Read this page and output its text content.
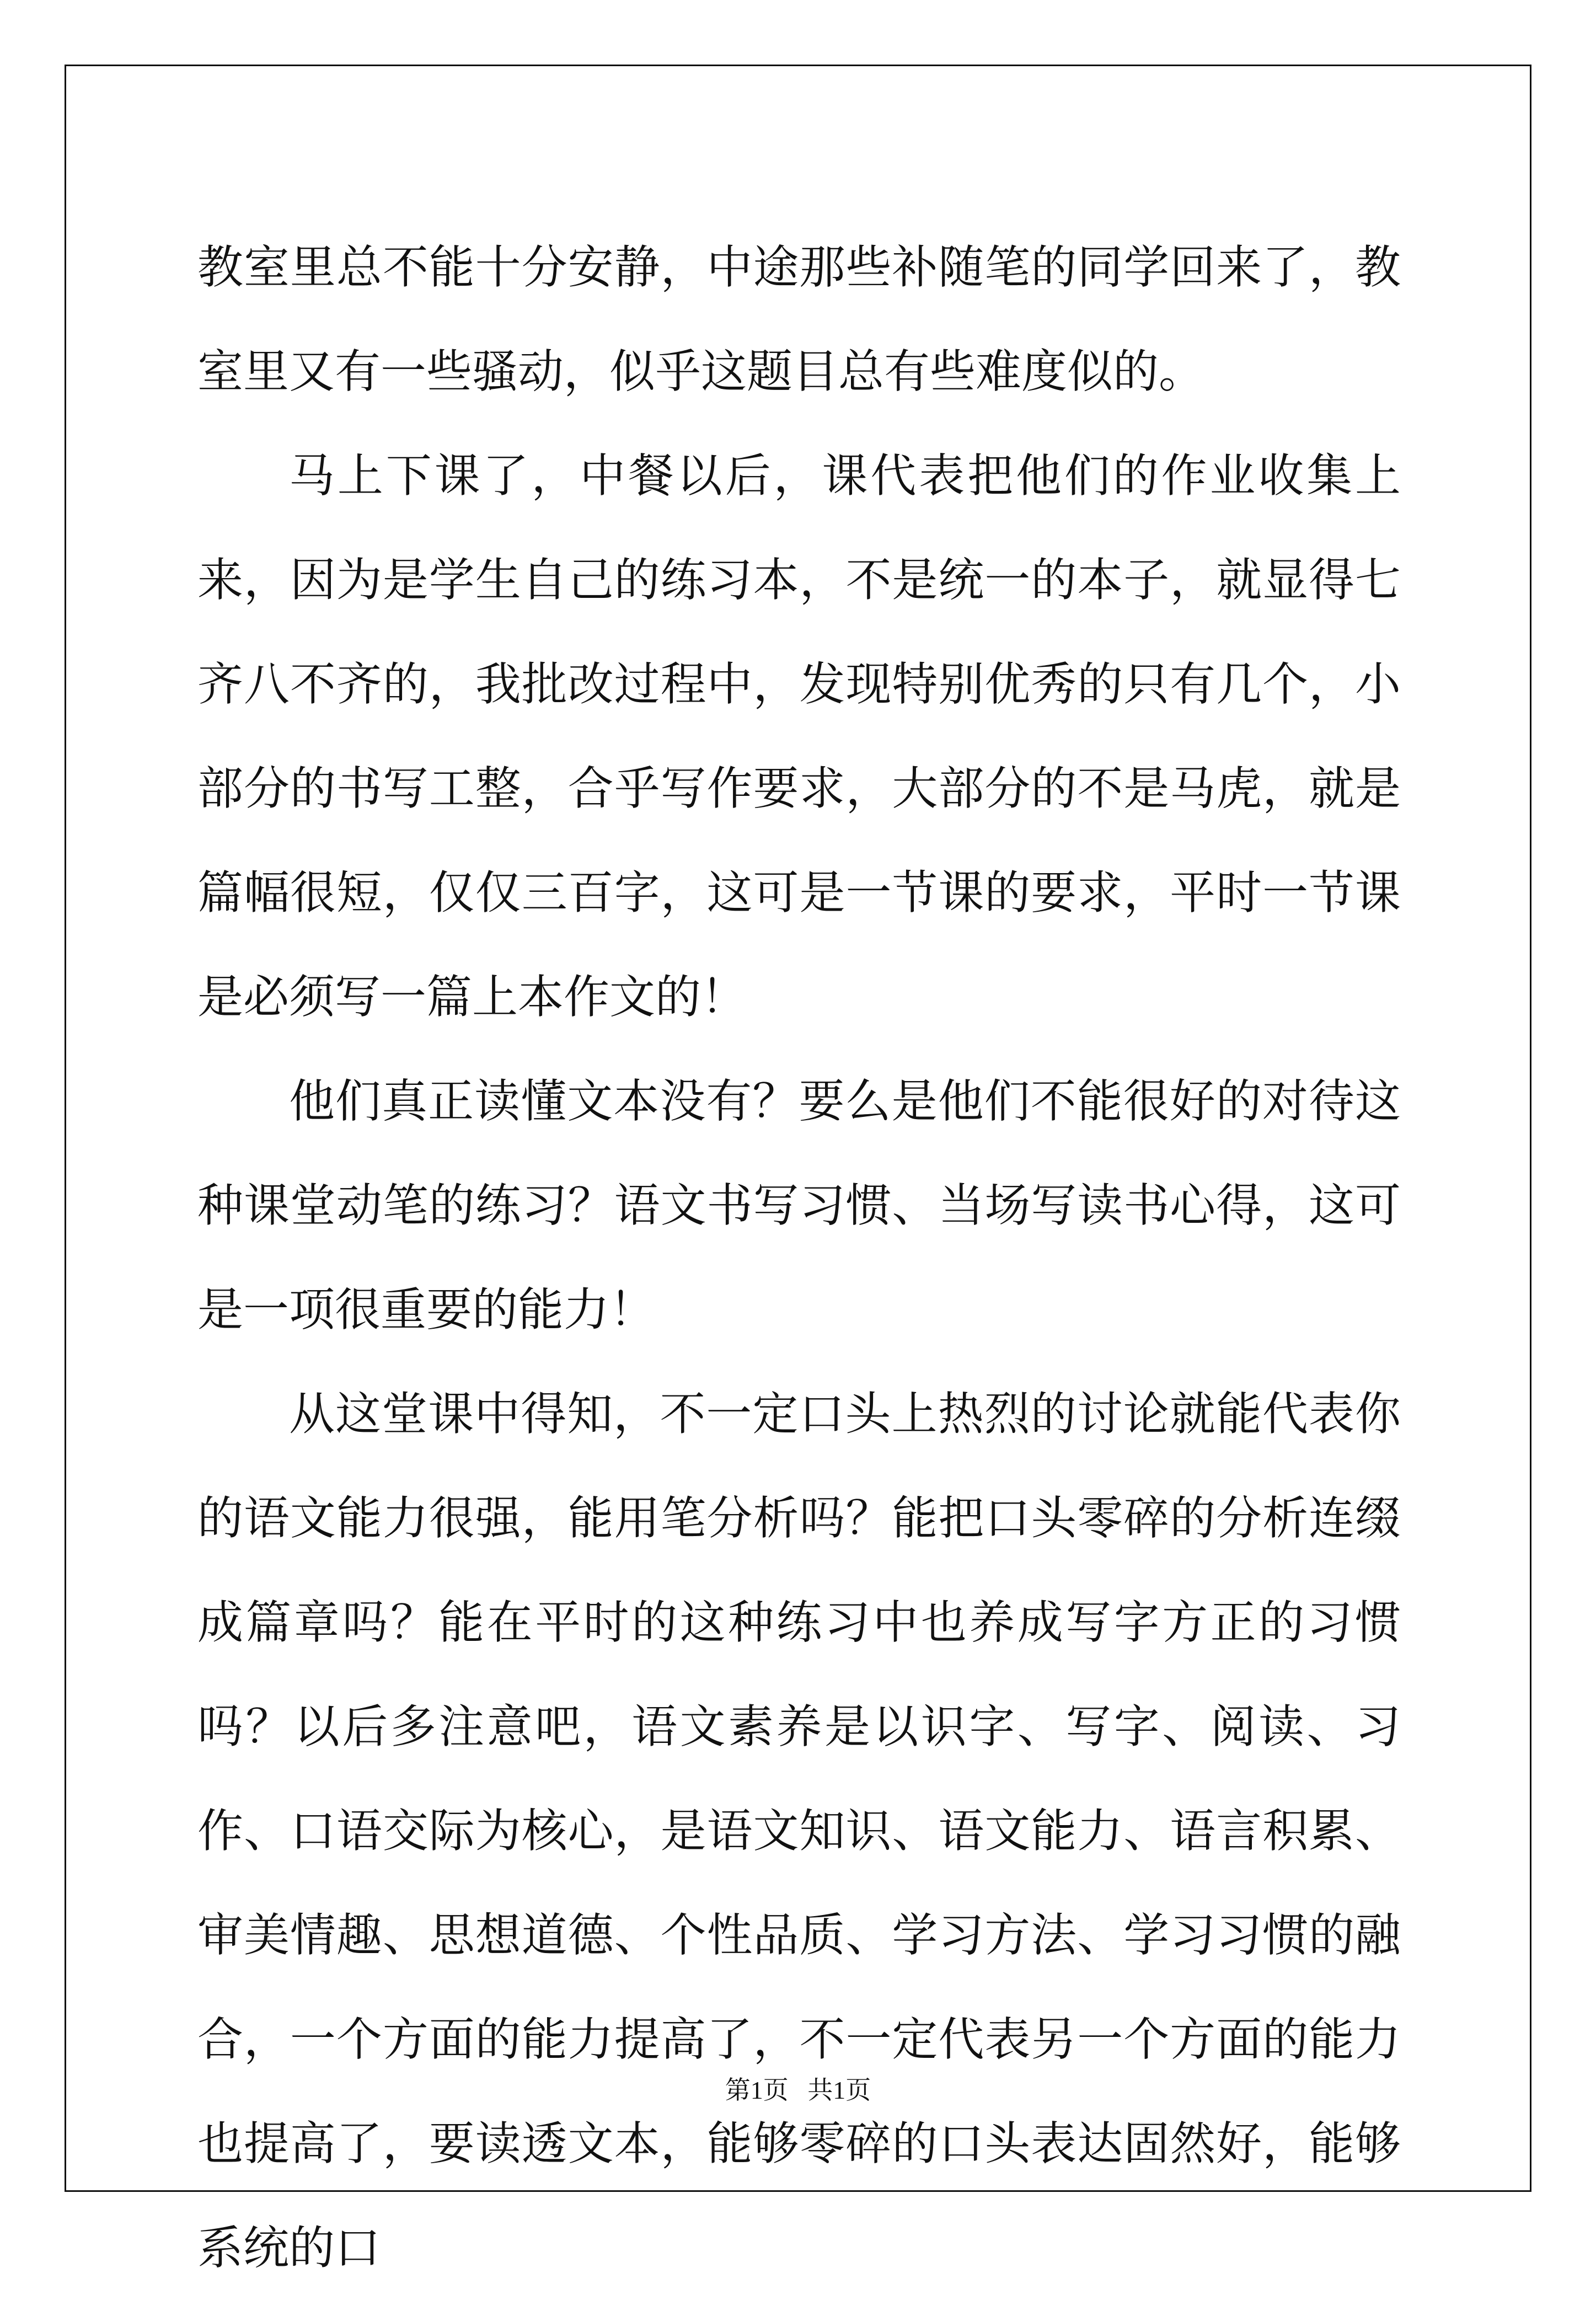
教室里总不能十分安静，中途那些补随笔的同学回来了，教室里又有一些骚动，似乎这题目总有些难度似的。

马上下课了，中餐以后，课代表把他们的作业收集上来，因为是学生自己的练习本，不是统一的本子，就显得七齐八不齐的，我批改过程中，发现特别优秀的只有几个，小部分的书写工整，合乎写作要求，大部分的不是马虎，就是篇幅很短，仅仅三百字，这可是一节课的要求，平时一节课是必须写一篇上本作文的！

他们真正读懂文本没有？要么是他们不能很好的对待这种课堂动笔的练习？语文书写习惯、当场写读书心得，这可是一项很重要的能力！

从这堂课中得知，不一定口头上热烈的讨论就能代表你的语文能力很强，能用笔分析吗？能把口头零碎的分析连缀成篇章吗？能在平时的这种练习中也养成写字方正的习惯吗？以后多注意吧，语文素养是以识字、写字、阅读、习作、口语交际为核心，是语文知识、语文能力、语言积累、审美情趣、思想道德、个性品质、学习方法、学习习惯的融合，一个方面的能力提高了，不一定代表另一个方面的能力也提高了，要读透文本，能够零碎的口头表达固然好，能够系统的口

第1页 共1页
